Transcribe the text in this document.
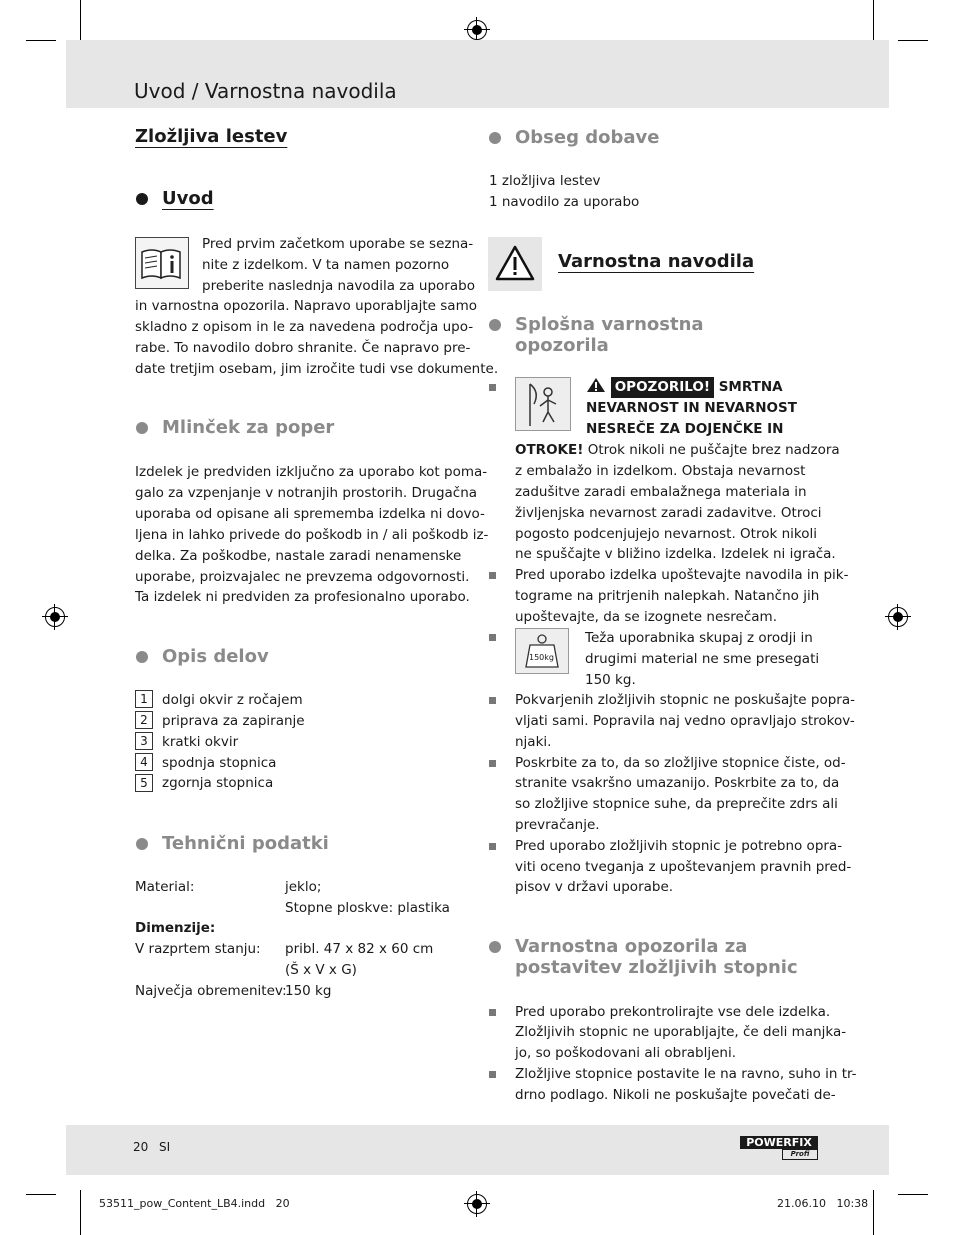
Uvod / Varnostna navodila
Zložljiva lestev
Uvod
Pred prvim začetkom uporabe se sezna-
nite z izdelkom. V ta namen pozorno
preberite naslednja navodila za uporabo
in varnostna opozorila. Napravo uporabljajte samo
skladno z opisom in le za navedena področja upo-
rabe. To navodilo dobro shranite. Če napravo pre-
date tretjim osebam, jim izročite tudi vse dokumente.
Mlinček za poper
Izdelek je predviden izključno za uporabo kot poma-
galo za vzpenjanje v notranjih prostorih. Drugačna
uporaba od opisane ali sprememba izdelka ni dovo-
ljena in lahko privede do poškodb in / ali poškodb iz-
delka. Za poškodbe, nastale zaradi nenamenske
uporabe, proizvajalec ne prevzema odgovornosti.
Ta izdelek ni predviden za profesionalno uporabo.
Opis delov
1	dolgi okvir z ročajem
2	priprava za zapiranje
3	kratki okvir
4	spodnja stopnica
5	zgornja stopnica
Tehnični podatki
Material:	jeklo;
Stopne ploskve: plastika
Dimenzije:
V razprtem stanju: pribl. 47 x 82 x 60 cm
(Š x V x G)
Največja obremenitev:
150 kg
Obseg dobave
1 zložljiva lestev
1 navodilo za uporabo
Varnostna navodila
Splošna varnostna
opozorila
OPOZORILO! SMRTNA
NEVARNOST IN NEVARNOST
NESREČE ZA DOJENČKE IN
OTROKE! Otrok nikoli ne puščajte brez nadzora
z embalažo in izdelkom. Obstaja nevarnost
zadušitve zaradi embalažnega materiala in
življenjska nevarnost zaradi zadavitve. Otroci
pogosto podcenjujejo nevarnost. Otrok nikoli
ne spuščajte v bližino izdelka. Izdelek ni igrača.
Pred uporabo izdelka upoštevajte navodila in pik-
tograme na pritrjenih nalepkah. Natančno jih
upoštevajte, da se izognete nesrečam.
150kg
Teža uporabnika skupaj z orodji in
drugimi material ne sme presegati
150 kg.
Pokvarjenih zložljivih stopnic ne poskušajte popra-
vljati sami. Popravila naj vedno opravljajo strokov-
njaki.
Poskrbite za to, da so zložljive stopnice čiste, od-
stranite vsakršno umazanijo. Poskrbite za to, da
so zložljive stopnice suhe, da preprečite zdrs ali
prevračanje.
Pred uporabo zložljivih stopnic je potrebno opra-
viti oceno tveganja z upoštevanjem pravnih pred-
pisov v državi uporabe.
Varnostna opozorila za
postavitev zložljivih stopnic
Pred uporabo prekontrolirajte vse dele izdelka.
Zložljivih stopnic ne uporabljajte, če deli manjka-
jo, so poškodovani ali obrabljeni.
Zložljive stopnice postavite le na ravno, suho in tr-
drno podlago. Nikoli ne poskušajte povečati de-
20 SI	POWERFIX
Profi
53511_pow_Content_LB4.indd   20	21.06.10   10:38
